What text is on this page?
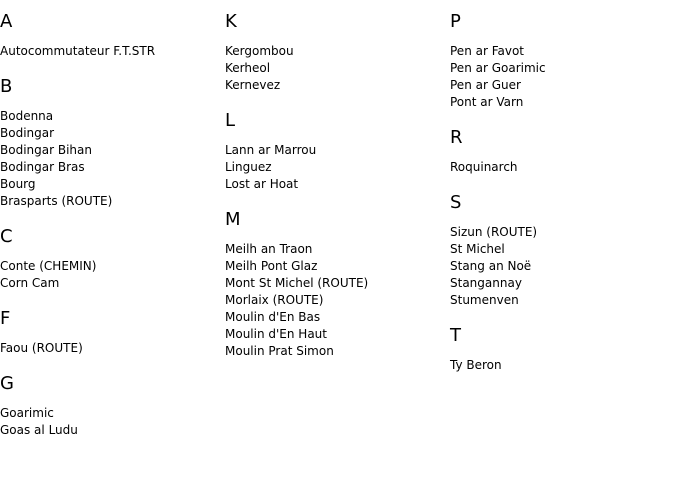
A
Autocommutateur F.T.STR
B
Bodenna
Bodingar
Bodingar Bihan
Bodingar Bras
Bourg
Brasparts (ROUTE)
C
Conte (CHEMIN)
Corn Cam
F
Faou (ROUTE)
G
Goarimic
Goas al Ludu
K
Kergombou
Kerheol
Kernevez
L
Lann ar Marrou
Linguez
Lost ar Hoat
M
Meilh an Traon
Meilh Pont Glaz
Mont St Michel (ROUTE)
Morlaix (ROUTE)
Moulin d'En Bas
Moulin d'En Haut
Moulin Prat Simon
P
Pen ar Favot
Pen ar Goarimic
Pen ar Guer
Pont ar Varn
R
Roquinarch
S
Sizun (ROUTE)
St Michel
Stang an Noë
Stangannay
Stumenven
T
Ty Beron
